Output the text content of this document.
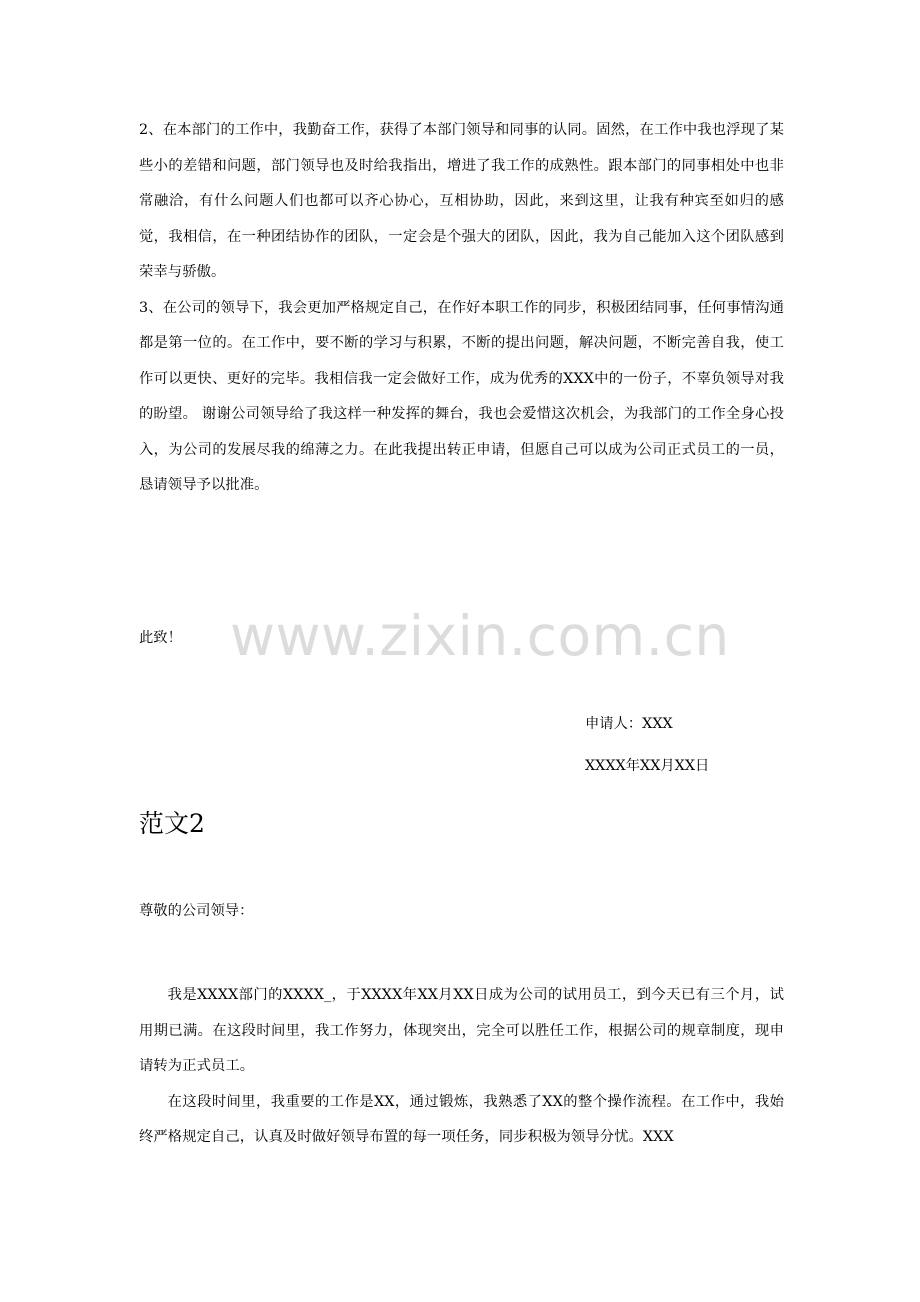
2、在本部门的工作中，我勤奋工作，获得了本部门领导和同事的认同。固然，在工作中我也浮现了某些小的差错和问题，部门领导也及时给我指出，增进了我工作的成熟性。跟本部门的同事相处中也非常融洽，有什么问题人们也都可以齐心协心，互相协助，因此，来到这里，让我有种宾至如归的感觉，我相信，在一种团结协作的团队，一定会是个强大的团队，因此，我为自己能加入这个团队感到荣幸与骄傲。

3、在公司的领导下，我会更加严格规定自己，在作好本职工作的同步，积极团结同事，任何事情沟通都是第一位的。在工作中，要不断的学习与积累，不断的提出问题，解决问题，不断完善自我，使工作可以更快、更好的完毕。我相信我一定会做好工作，成为优秀的XXX中的一份子，不辜负领导对我的盼望。 谢谢公司领导给了我这样一种发挥的舞台，我也会爱惜这次机会，为我部门的工作全身心投入，为公司的发展尽我的绵薄之力。在此我提出转正申请，但愿自己可以成为公司正式员工的一员，恳请领导予以批准。

www.zixin.com.cn

此致！

申请人：XXX

XXXX年XX月XX日

范文2

尊敬的公司领导：

我是XXXX部门的XXXX_，于XXXX年XX月XX日成为公司的试用员工，到今天已有三个月，试用期已满。在这段时间里，我工作努力，体现突出，完全可以胜任工作，根据公司的规章制度，现申请转为正式员工。

在这段时间里，我重要的工作是XX，通过锻炼，我熟悉了XX的整个操作流程。在工作中，我始终严格规定自己，认真及时做好领导布置的每一项任务，同步积极为领导分忧。XXX
